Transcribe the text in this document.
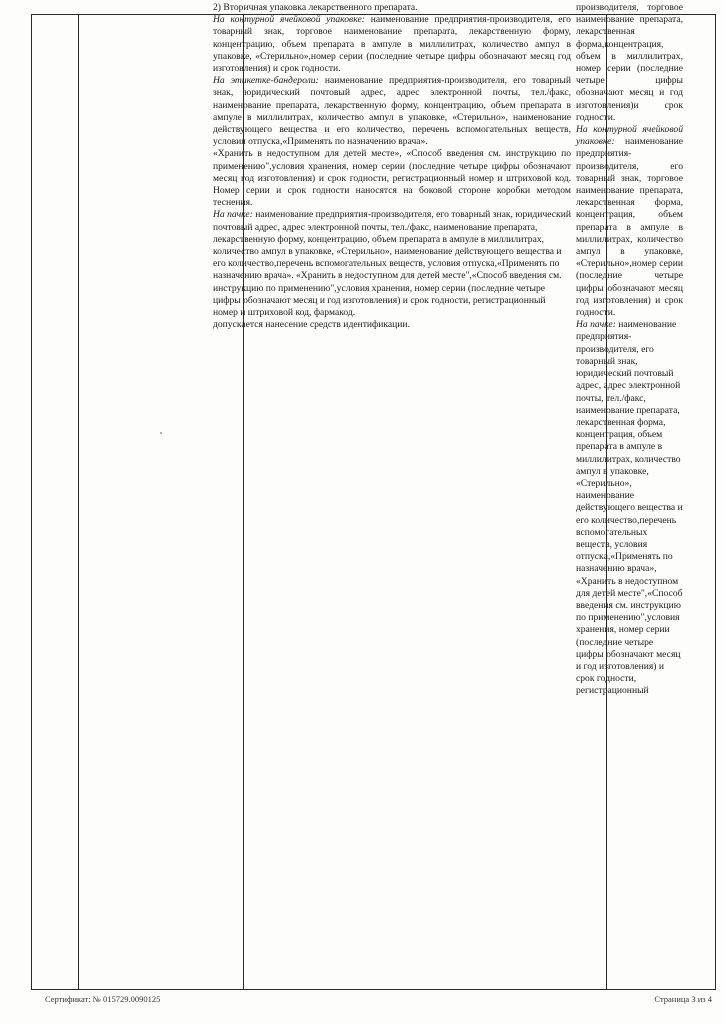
2) Вторичная упаковка лекарственного препарата.

На контурной ячейковой упаковке: наименование предприятия-производителя, его товарный знак, торговое наименование препарата, лекарственную форму, концентрацию, объем препарата в ампуле в миллилитрах, количество ампул в упаковке, «Стерильно»,номер серии (последние четыре цифры обозначают месяц год изготовления) и срок годности.

На этикетке-бандероли: наименование предприятия-производителя, его товарный знак, юридический почтовый адрес, адрес электронной почты, тел./факс, наименование препарата, лекарственную форму, концентрацию, объем препарата в ампуле в миллилитрах, количество ампул в упаковке, «Стерильно», наименование действующего вещества и его количество, перечень вспомогательных веществ, условия отпуска,«Применять по назначению врача».

«Хранить в недоступном для детей месте», «Способ введения см. инструкцию по применению",условия хранения, номер серии (последние четыре цифры обозначают месяц год изготовления) и срок годности, регистрационный номер и штриховой код. Номер серии и срок годности наносятся на боковой стороне коробки методом теснения.

На пачке: наименование предприятия-производителя, его товарный знак, юридический почтовый адрес, адрес электронной почты, тел./факс, наименование препарата, лекарственную форму, концентрацию, объем препарата в ампуле в миллилитрах, количество ампул в упаковке, «Стерильно», наименование действующего вещества и его количество,перечень вспомогательных веществ, условия отпуска,«Применять по назначению врача». «Хранить в недоступном для детей месте",«Способ введения см. инструкцию по применению",условия хранения, номер серии (последние четыре цифры обозначают месяц и год изготовления) и срок годности, регистрационный номер и штриховой код, фармакод.

допускается нанесение средств идентификации.

производителя, торговое наименование препарата, лекарственная форма,концентрация, объем в миллилитрах, номер серии (последние четыре цифры обозначают месяц и год изготовления)и срок годности.

На контурной ячейковой упаковке: наименование предприятия-производителя, его товарный знак, торговое наименование препарата, лекарственная форма, концентрация, объем препарата в ампуле в миллилитрах, количество ампул в упаковке, «Стерильно»,номер серии (последние четыре цифры обозначают месяц год изготовления) и срок годности.

На пачке: наименование предприятия-производителя, его товарный знак, юридический почтовый адрес, адрес электронной почты, тел./факс, наименование препарата, лекарственная форма, концентрация, объем препарата в ампуле в миллилитрах, количество ампул в упаковке, «Стерильно», наименование действующего вещества и его количество,перечень вспомогательных веществ, условия отпуска,«Применять по назначению врача», «Хранить в недоступном для детей месте",«Способ введения см. инструкцию по применению",условия хранения, номер серии (последние четыре цифры обозначают месяц и год изготовления) и срок годности, регистрационный

Сертификат: № 015729.0090125	Страница 3 из 4
